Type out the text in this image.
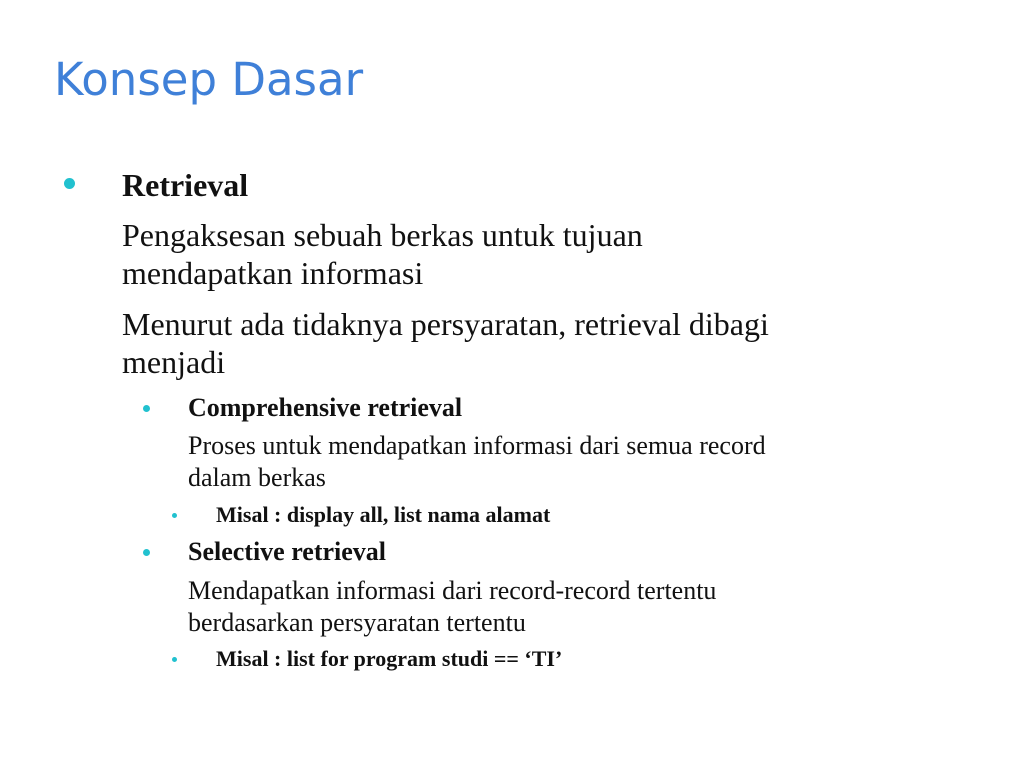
Konsep Dasar
Retrieval
Pengaksesan sebuah berkas untuk tujuan
mendapatkan informasi
Menurut ada tidaknya persyaratan, retrieval dibagi
menjadi
Comprehensive retrieval
Proses untuk mendapatkan informasi dari semua record
dalam berkas
Misal : display all, list nama alamat
Selective retrieval
Mendapatkan informasi dari record-record tertentu
berdasarkan persyaratan tertentu
Misal : list for program studi == ‘TI’
